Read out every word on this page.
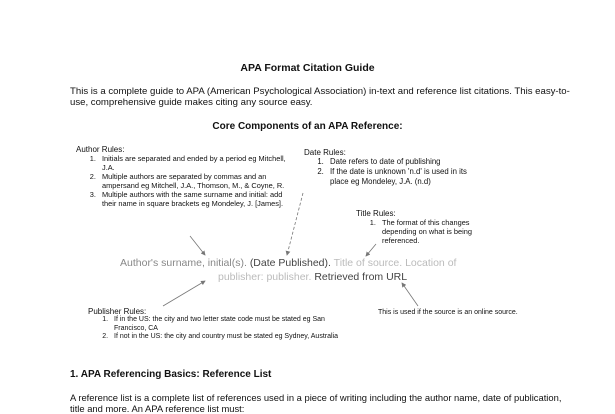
APA Format Citation Guide
This is a complete guide to APA (American Psychological Association) in-text and reference list citations. This easy-to-use, comprehensive guide makes citing any source easy.
Core Components of an APA Reference:
Author Rules:
1. Initials are separated and ended by a period eg Mitchell, J.A.
2. Multiple authors are separated by commas and an ampersand eg Mitchell, J.A., Thomson, M., & Coyne, R.
3. Multiple authors with the same surname and initial: add their name in square brackets eg Mondeley, J. [James].
Date Rules:
1. Date refers to date of publishing
2. If the date is unknown 'n.d' is used in its place eg Mondeley, J.A. (n.d)
Title Rules:
1. The format of this changes depending on what is being referenced.
Author's surname, initial(s). (Date Published). Title of source. Location of
publisher: publisher. Retrieved from URL
Publisher Rules:
1. If in the US: the city and two letter state code must be stated eg San Francisco, CA
2. If not in the US: the city and country must be stated eg Sydney, Australia
This is used if the source is an online source.
1. APA Referencing Basics: Reference List
A reference list is a complete list of references used in a piece of writing including the author name, date of publication, title and more. An APA reference list must:
